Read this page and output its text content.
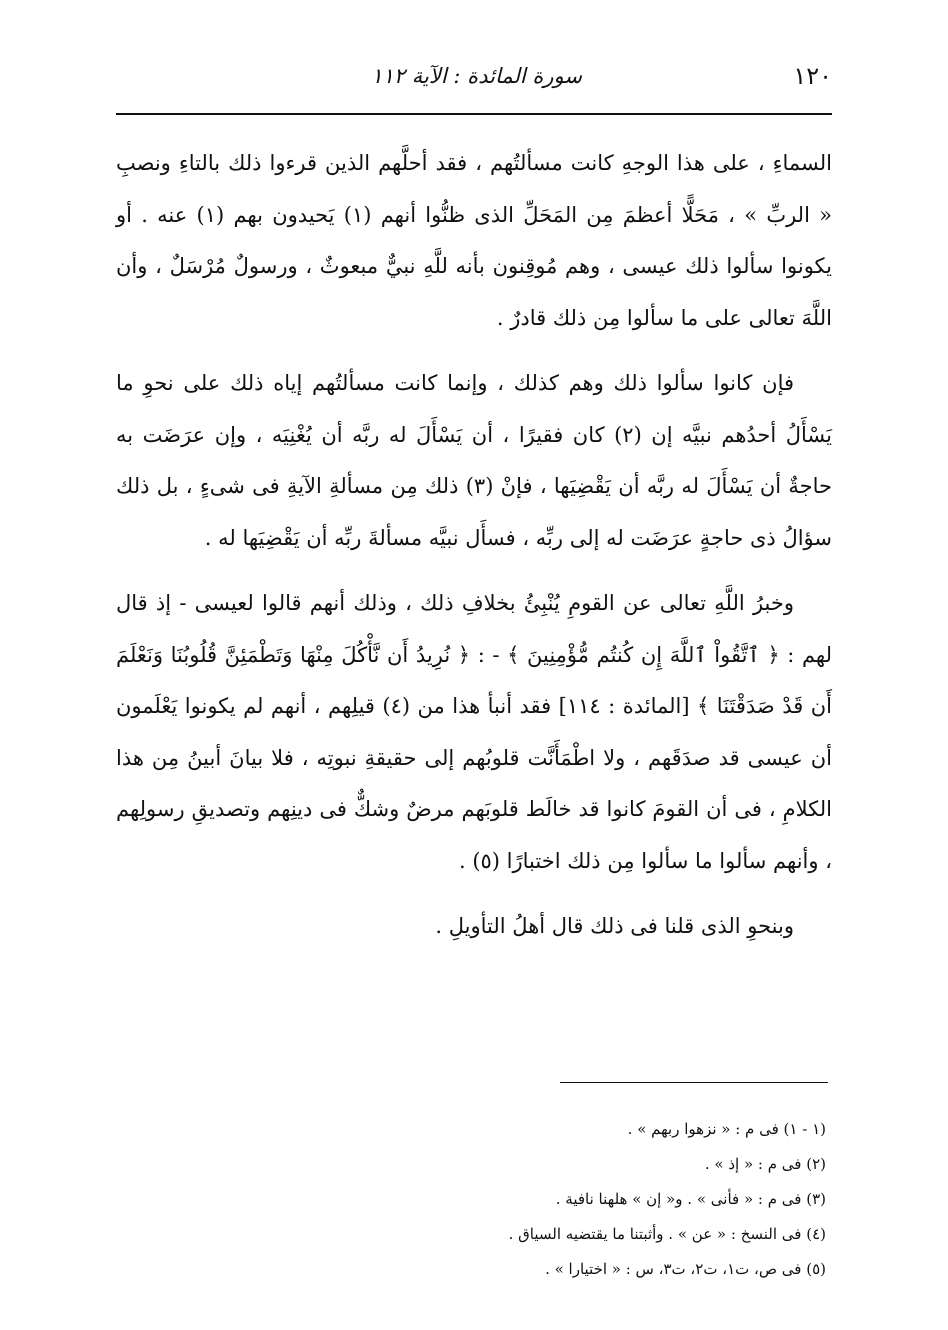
١٢٠
سورة المائدة : الآية ١١٢

السماءِ ، على هذا الوجهِ كانت مسألتُهم ، فقد أحلَّهم الذين قرءوا ذلك بالتاءِ ونصبِ « الربِّ » ، مَحَلًّا أعظمَ مِن المَحَلِّ الذى ظنُّوا أنهم (١) يَحيدون بهم (١) عنه . أو يكونوا سألوا ذلك عيسى ، وهم مُوقِنون بأنه للَّهِ نبيٌّ مبعوثٌ ، ورسولٌ مُرْسَلٌ ، وأن اللَّهَ تعالى على ما سألوا مِن ذلك قادرٌ .

فإن كانوا سألوا ذلك وهم كذلك ، وإنما كانت مسألتُهم إياه ذلك على نحوِ ما يَسْأَلُ أحدُهم نبيَّه إن (٢) كان فقيرًا ، أن يَسْأَلَ له ربَّه أن يُغْنِيَه ، وإن عرَضَت به حاجةٌ أن يَسْأَلَ له ربَّه أن يَقْضِيَها ، فإنْ (٣) ذلك مِن مسألةِ الآيةِ فى شىءٍ ، بل ذلك سؤالُ ذى حاجةٍ عرَضَت له إلى ربِّه ، فسأَل نبيَّه مسألةَ ربِّه أن يَقْضِيَها له .

وخبرُ اللَّهِ تعالى عن القومِ يُنْبِئُ بخلافِ ذلك ، وذلك أنهم قالوا لعيسى - إذ قال لهم : ﴿ ٱتَّقُواْ ٱللَّهَ إِن كُنتُم مُّؤْمِنِينَ ﴾ - : ﴿ نُرِيدُ أَن نَّأْكُلَ مِنْهَا وَتَطْمَئِنَّ قُلُوبُنَا وَنَعْلَمَ أَن قَدْ صَدَقْتَنَا ﴾ [المائدة : ١١٤] فقد أنبأ هذا من (٤) قيلِهم ، أنهم لم يكونوا يَعْلَمون أن عيسى قد صدَقَهم ، ولا اطْمَأَنَّت قلوبُهم إلى حقيقةِ نبوتِه ، فلا بيانَ أبينُ مِن هذا الكلامِ ، فى أن القومَ كانوا قد خالَط قلوبَهم مرضٌ وشكٌّ فى دينِهم وتصديقِ رسولِهم ، وأنهم سألوا ما سألوا مِن ذلك اختبارًا (٥) .

وبنحوِ الذى قلنا فى ذلك قال أهلُ التأويلِ .

(١ - ١) فى م : « نزهوا ربهم » .

(٢) فى م : « إذ » .

(٣) فى م : « فأنى » . و« إن » هلهنا نافية .

(٤) فى النسخ : « عن » . وأثبتنا ما يقتضيه السياق .

(٥) فى ص، ت١، ت٢، ت٣، س : « اختيارا » .
